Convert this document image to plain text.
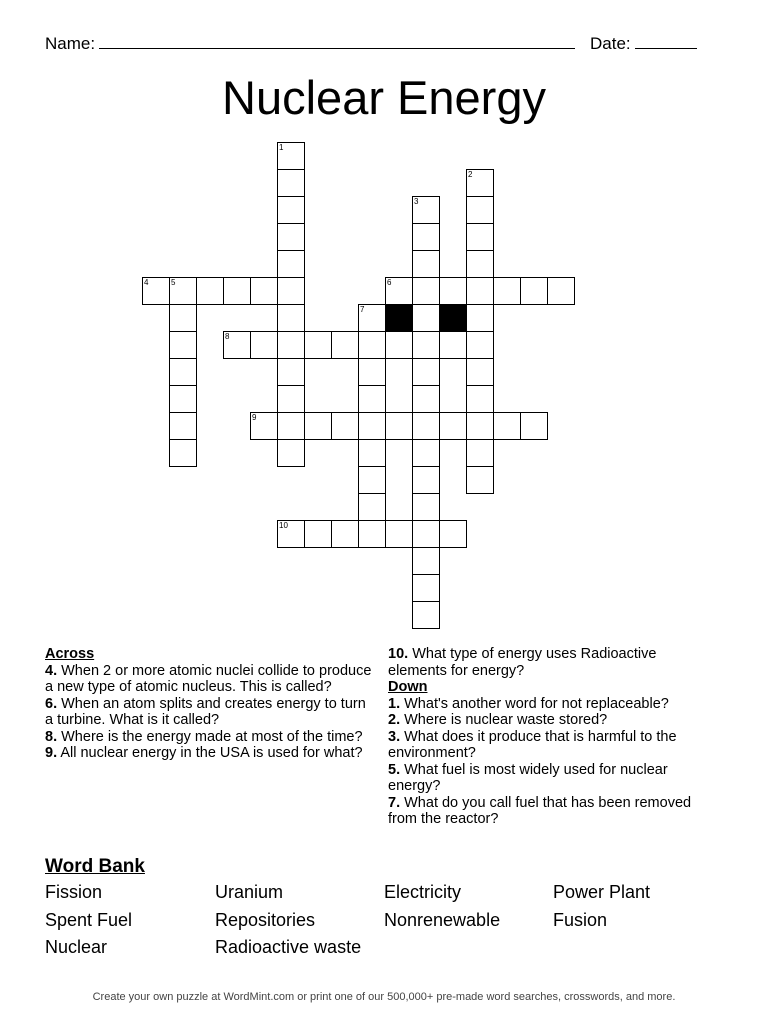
Name:	Date:
Nuclear Energy
1
2
3
4	5	6
7
8
9
10
Across

4. When 2 or more atomic nuclei collide to produce a new type of atomic nucleus. This is called?

6. When an atom splits and creates energy to turn a turbine. What is it called?

8. Where is the energy made at most of the time?

9. All nuclear energy in the USA is used for what?

10. What type of energy uses Radioactive elements for energy?

Down

1. What's another word for not replaceable?

2. Where is nuclear waste stored?

3. What does it produce that is harmful to the environment?

5. What fuel is most widely used for nuclear energy?

7. What do you call fuel that has been removed from the reactor?

Word Bank
Fission	Uranium	Electricity	Power Plant
Spent Fuel	Repositories	Nonrenewable	Fusion
Nuclear	Radioactive waste
Create your own puzzle at WordMint.com or print one of our 500,000+ pre-made word searches, crosswords, and more.
